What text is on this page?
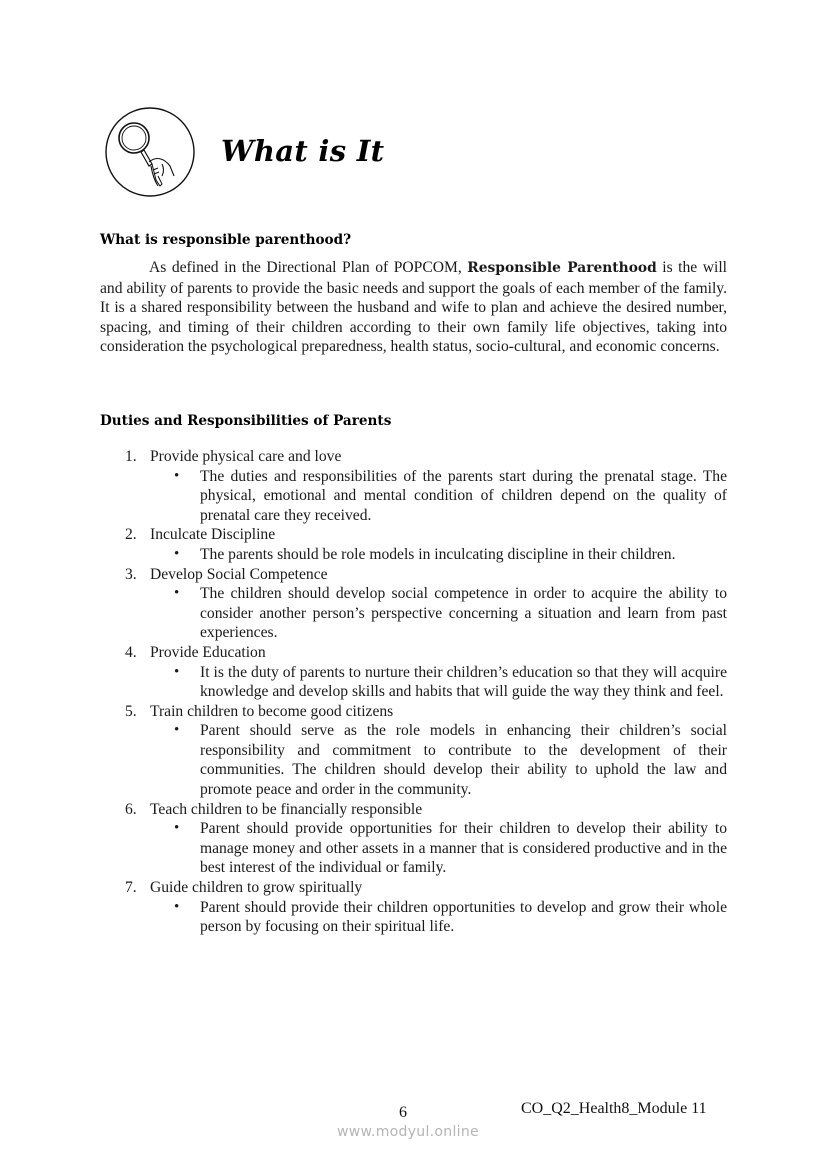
What is It
What is responsible parenthood?

As defined in the Directional Plan of POPCOM, Responsible Parenthood is the will and ability of parents to provide the basic needs and support the goals of each member of the family. It is a shared responsibility between the husband and wife to plan and achieve the desired number, spacing, and timing of their children according to their own family life objectives, taking into consideration the psychological preparedness, health status, socio-cultural, and economic concerns.

Duties and Responsibilities of Parents
1. Provide physical care and love
• The duties and responsibilities of the parents start during the prenatal stage. The physical, emotional and mental condition of children depend on the quality of prenatal care they received.
2. Inculcate Discipline
• The parents should be role models in inculcating discipline in their children.
3. Develop Social Competence
• The children should develop social competence in order to acquire the ability to consider another person’s perspective concerning a situation and learn from past experiences.
4. Provide Education
• It is the duty of parents to nurture their children’s education so that they will acquire knowledge and develop skills and habits that will guide the way they think and feel.
5. Train children to become good citizens
• Parent should serve as the role models in enhancing their children’s social responsibility and commitment to contribute to the development of their communities. The children should develop their ability to uphold the law and promote peace and order in the community.
6. Teach children to be financially responsible
• Parent should provide opportunities for their children to develop their ability to manage money and other assets in a manner that is considered productive and in the best interest of the individual or family.
7. Guide children to grow spiritually
• Parent should provide their children opportunities to develop and grow their whole person by focusing on their spiritual life.
6	CO_Q2_Health8_Module 11
www.modyul.online
